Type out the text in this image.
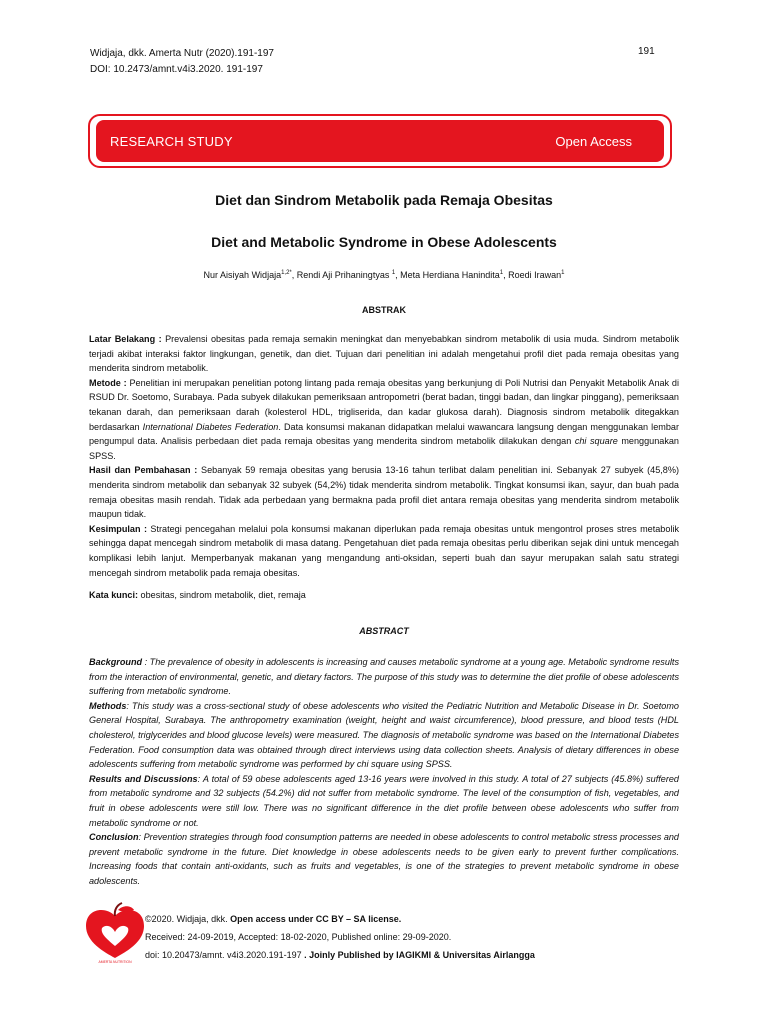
Widjaja, dkk. Amerta Nutr (2020).191-197
DOI: 10.2473/amnt.v4i3.2020. 191-197
191
RESEARCH STUDY	Open Access
Diet dan Sindrom Metabolik pada Remaja Obesitas
Diet and Metabolic Syndrome in Obese Adolescents
Nur Aisiyah Widjaja$^{1,2*}$, Rendi Aji Prihaningtyas $^1$, Meta Herdiana Hanindita$^1$, Roedi Irawan$^1$
ABSTRAK

Latar Belakang : Prevalensi obesitas pada remaja semakin meningkat dan menyebabkan sindrom metabolik di usia muda. Sindrom metabolik terjadi akibat interaksi faktor lingkungan, genetik, dan diet. Tujuan dari penelitian ini adalah mengetahui profil diet pada remaja obesitas yang menderita sindrom metabolik.

Metode : Penelitian ini merupakan penelitian potong lintang pada remaja obesitas yang berkunjung di Poli Nutrisi dan Penyakit Metabolik Anak di RSUD Dr. Soetomo, Surabaya. Pada subyek dilakukan pemeriksaan antropometri (berat badan, tinggi badan, dan lingkar pinggang), pemeriksaan tekanan darah, dan pemeriksaan darah (kolesterol HDL, trigliserida, dan kadar glukosa darah). Diagnosis sindrom metabolik ditegakkan berdasarkan International Diabetes Federation. Data konsumsi makanan didapatkan melalui wawancara langsung dengan menggunakan lembar pengumpul data. Analisis perbedaan diet pada remaja obesitas yang menderita sindrom metabolik dilakukan dengan chi square menggunakan SPSS.

Hasil dan Pembahasan : Sebanyak 59 remaja obesitas yang berusia 13-16 tahun terlibat dalam penelitian ini. Sebanyak 27 subyek (45,8%) menderita sindrom metabolik dan sebanyak 32 subyek (54,2%) tidak menderita sindrom metabolik. Tingkat konsumsi ikan, sayur, dan buah pada remaja obesitas masih rendah. Tidak ada perbedaan yang bermakna pada profil diet antara remaja obesitas yang menderita sindrom metabolik maupun tidak.

Kesimpulan : Strategi pencegahan melalui pola konsumsi makanan diperlukan pada remaja obesitas untuk mengontrol proses stres metabolik sehingga dapat mencegah sindrom metabolik di masa datang. Pengetahuan diet pada remaja obesitas perlu diberikan sejak dini untuk mencegah komplikasi lebih lanjut. Memperbanyak makanan yang mengandung anti-oksidan, seperti buah dan sayur merupakan salah satu strategi mencegah sindrom metabolik pada remaja obesitas.

Kata kunci: obesitas, sindrom metabolik, diet, remaja
ABSTRACT

Background : The prevalence of obesity in adolescents is increasing and causes metabolic syndrome at a young age. Metabolic syndrome results from the interaction of environmental, genetic, and dietary factors. The purpose of this study was to determine the diet profile of obese adolescents suffering from metabolic syndrome.

Methods: This study was a cross-sectional study of obese adolescents who visited the Pediatric Nutrition and Metabolic Disease in Dr. Soetomo General Hospital, Surabaya. The anthropometry examination (weight, height and waist circumference), blood pressure, and blood tests (HDL cholesterol, triglycerides and blood glucose levels) were measured. The diagnosis of metabolic syndrome was based on the International Diabetes Federation. Food consumption data was obtained through direct interviews using data collection sheets. Analysis of dietary differences in obese adolescents suffering from metabolic syndrome was performed by chi square using SPSS.

Results and Discussions: A total of 59 obese adolescents aged 13-16 years were involved in this study. A total of 27 subjects (45.8%) suffered from metabolic syndrome and 32 subjects (54.2%) did not suffer from metabolic syndrome. The level of the consumption of fish, vegetables, and fruit in obese adolescents were still low. There was no significant difference in the diet profile between obese adolescents who suffer from metabolic syndrome or not.

Conclusion: Prevention strategies through food consumption patterns are needed in obese adolescents to control metabolic stress processes and prevent metabolic syndrome in the future. Diet knowledge in obese adolescents needs to be given early to prevent further complications. Increasing foods that contain anti-oxidants, such as fruits and vegetables, is one of the strategies to prevent metabolic syndrome in obese adolescents.

AMERTA NUTRITION
©2020. Widjaja, dkk. Open access under CC BY – SA license.
Received: 24-09-2019, Accepted: 18-02-2020, Published online: 29-09-2020.
doi: 10.20473/amnt. v4i3.2020.191-197 . Joinly Published by IAGIKMI & Universitas Airlangga
